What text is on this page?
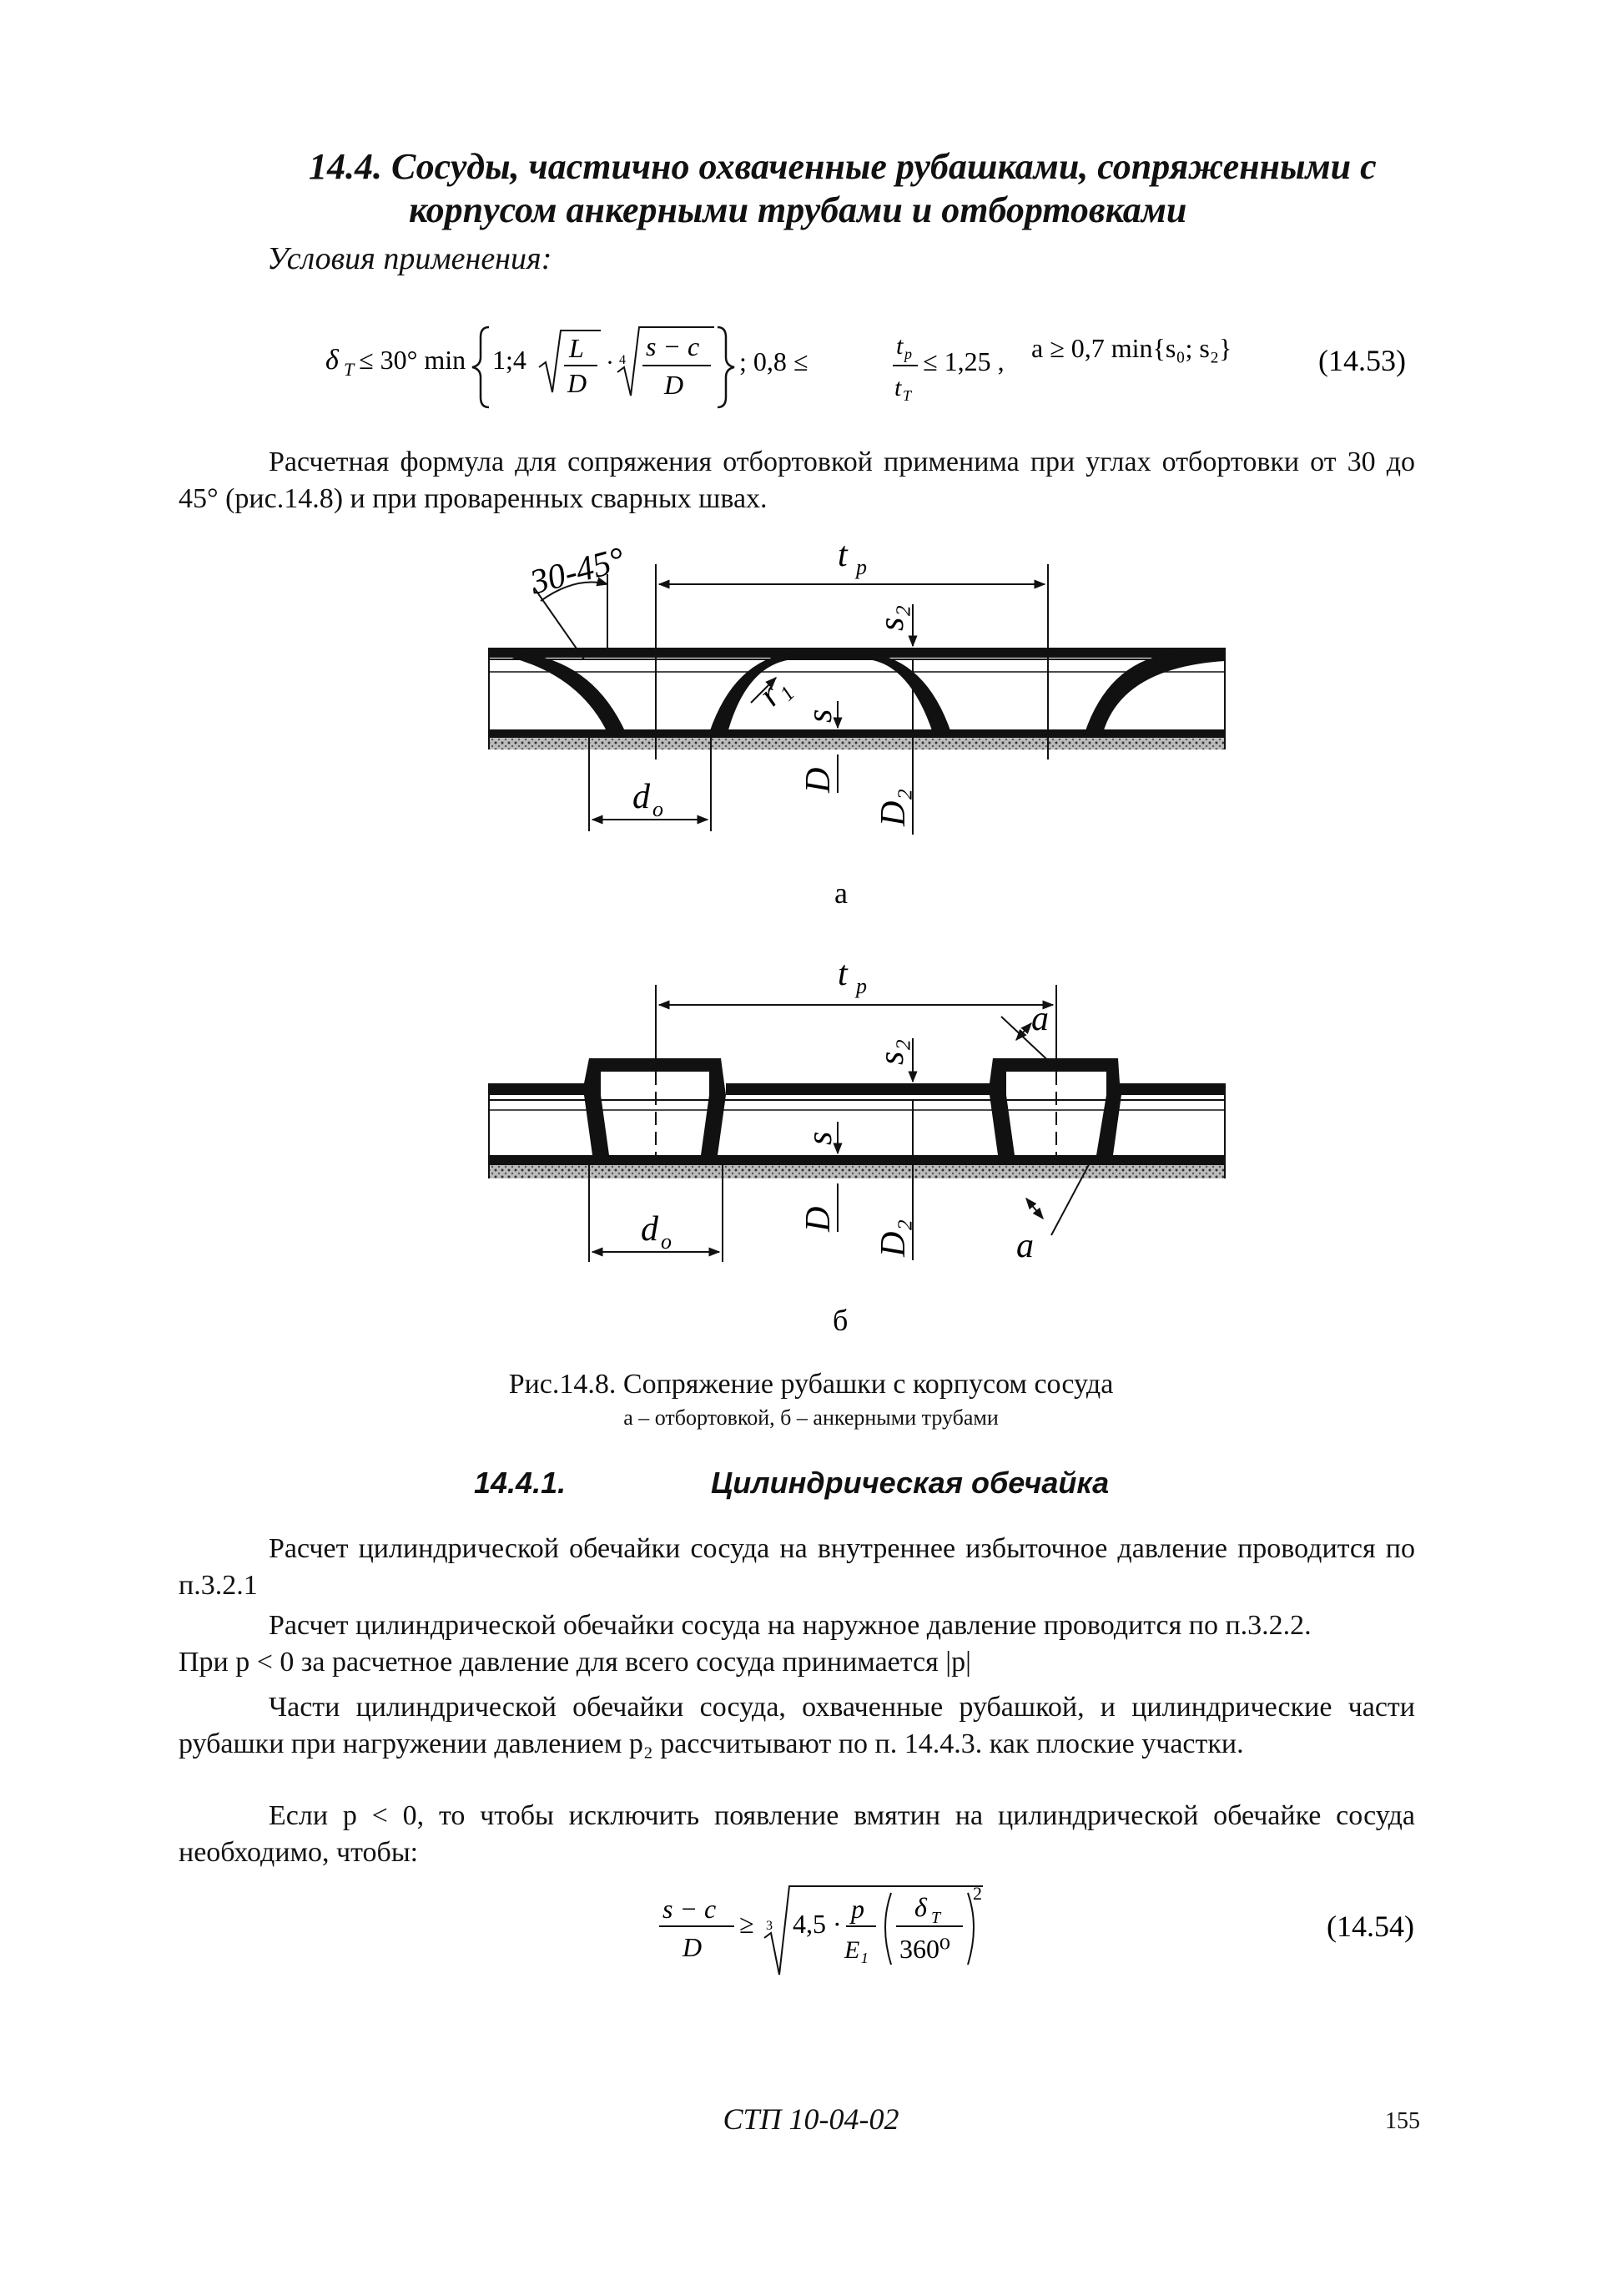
14.4. Сосуды, частично охваченные рубашками, сопряженными с
корпусом анкерными трубами и отбортовками
Условия применения:
δ T ≤ 30° min 1;4 L
D
· 4 s − c
D
; 0,8 ≤
t p
t T
≤ 1,25 , a ≥ 0,7 min{s₀; s₂}	(14.53)
Расчетная формула для сопряжения отбортовкой применима при углах отбортовки от 30 до 45° (рис.14.8) и при проваренных сварных швах.
30-45°	t p
s₂
s
D
D₂
r₁
d o
а
t p
s₂
s
D
D₂
a
a
d o
б
Рис.14.8. Сопряжение рубашки с корпусом сосуда
а – отбортовкой, б – анкерными трубами
14.4.1.	Цилиндрическая обечайка
Расчет цилиндрической обечайки сосуда на внутреннее избыточное давление проводится по п.3.2.1
Расчет цилиндрической обечайки сосуда на наружное давление проводится по п.3.2.2.
При p < 0 за расчетное давление для всего сосуда принимается |p|
Части цилиндрической обечайки сосуда, охваченные рубашкой, и цилиндрические части рубашки при нагружении давлением p₂ рассчитывают по п. 14.4.3. как плоские участки.
Если p < 0, то чтобы исключить появление вмятин на цилиндрической обечайке сосуда необходимо, чтобы:
s − c
D
≥ 3 4,5 · p
E₁
δ T
360⁰
2
(14.54)
СТП 10-04-02	155
